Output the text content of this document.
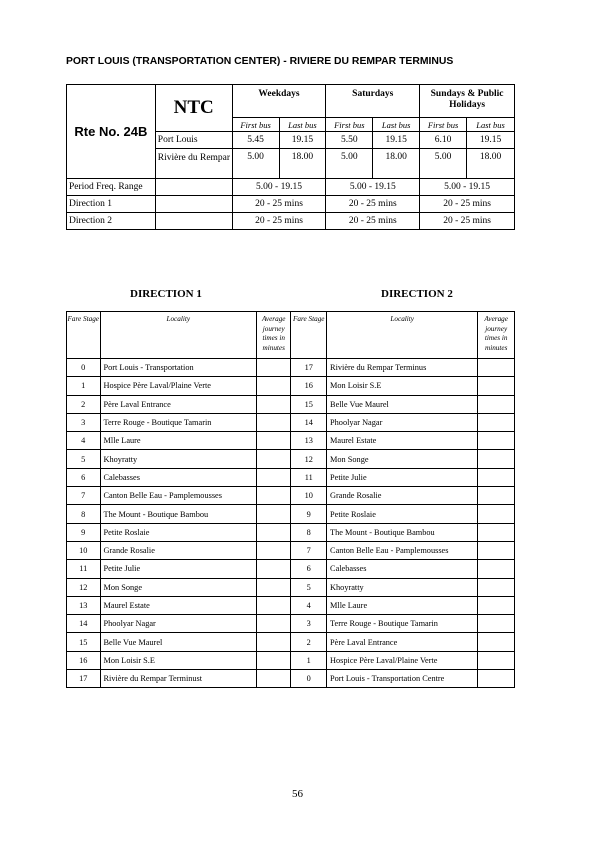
PORT LOUIS (TRANSPORTATION CENTER) - RIVIERE DU REMPAR TERMINUS
Rte No. 24B	NTC	Weekdays		Saturdays		Sundays & Public Holidays	
		First bus	Last bus	First bus	Last bus	First bus	Last bus
	Port Louis	5.45	19.15	5.50	19.15	6.10	19.15
	Rivière du Rempar	5.00	18.00	5.00	18.00	5.00	18.00
Period Freq. Range		5.00 - 19.15		5.00 - 19.15		5.00 - 19.15	
Direction 1		20 - 25 mins		20 - 25 mins		20 - 25 mins	
Direction 2		20 - 25 mins		20 - 25 mins		20 - 25 mins	
DIRECTION 1	DIRECTION 2
Fare Stage	Locality	Average journey times in minutes	Fare Stage	Locality	Average journey times in minutes
0	Port Louis - Transportation		17	Rivière du Rempar Terminus	
1	Hospice Père Laval/Plaine Verte		16	Mon Loisir S.E	
2	Père Laval Entrance		15	Belle Vue Maurel	
3	Terre Rouge - Boutique Tamarin		14	Phoolyar Nagar	
4	Mlle Laure		13	Maurel Estate	
5	Khoyratty		12	Mon Songe	
6	Calebasses		11	Petite Julie	
7	Canton Belle Eau - Pamplemousses		10	Grande Rosalie	
8	The Mount - Boutique Bambou		9	Petite Roslaie	
9	Petite Roslaie		8	The Mount - Boutique Bambou	
10	Grande Rosalie		7	Canton Belle Eau - Pamplemousses	
11	Petite Julie		6	Calebasses	
12	Mon Songe		5	Khoyratty	
13	Maurel Estate		4	Mlle Laure	
14	Phoolyar Nagar		3	Terre Rouge - Boutique Tamarin	
15	Belle Vue Maurel		2	Père Laval Entrance	
16	Mon Loisir S.E		1	Hospice Père Laval/Plaine Verte	
17	Rivière du Rempar Terminust		0	Port Louis - Transportation Centre	
56
